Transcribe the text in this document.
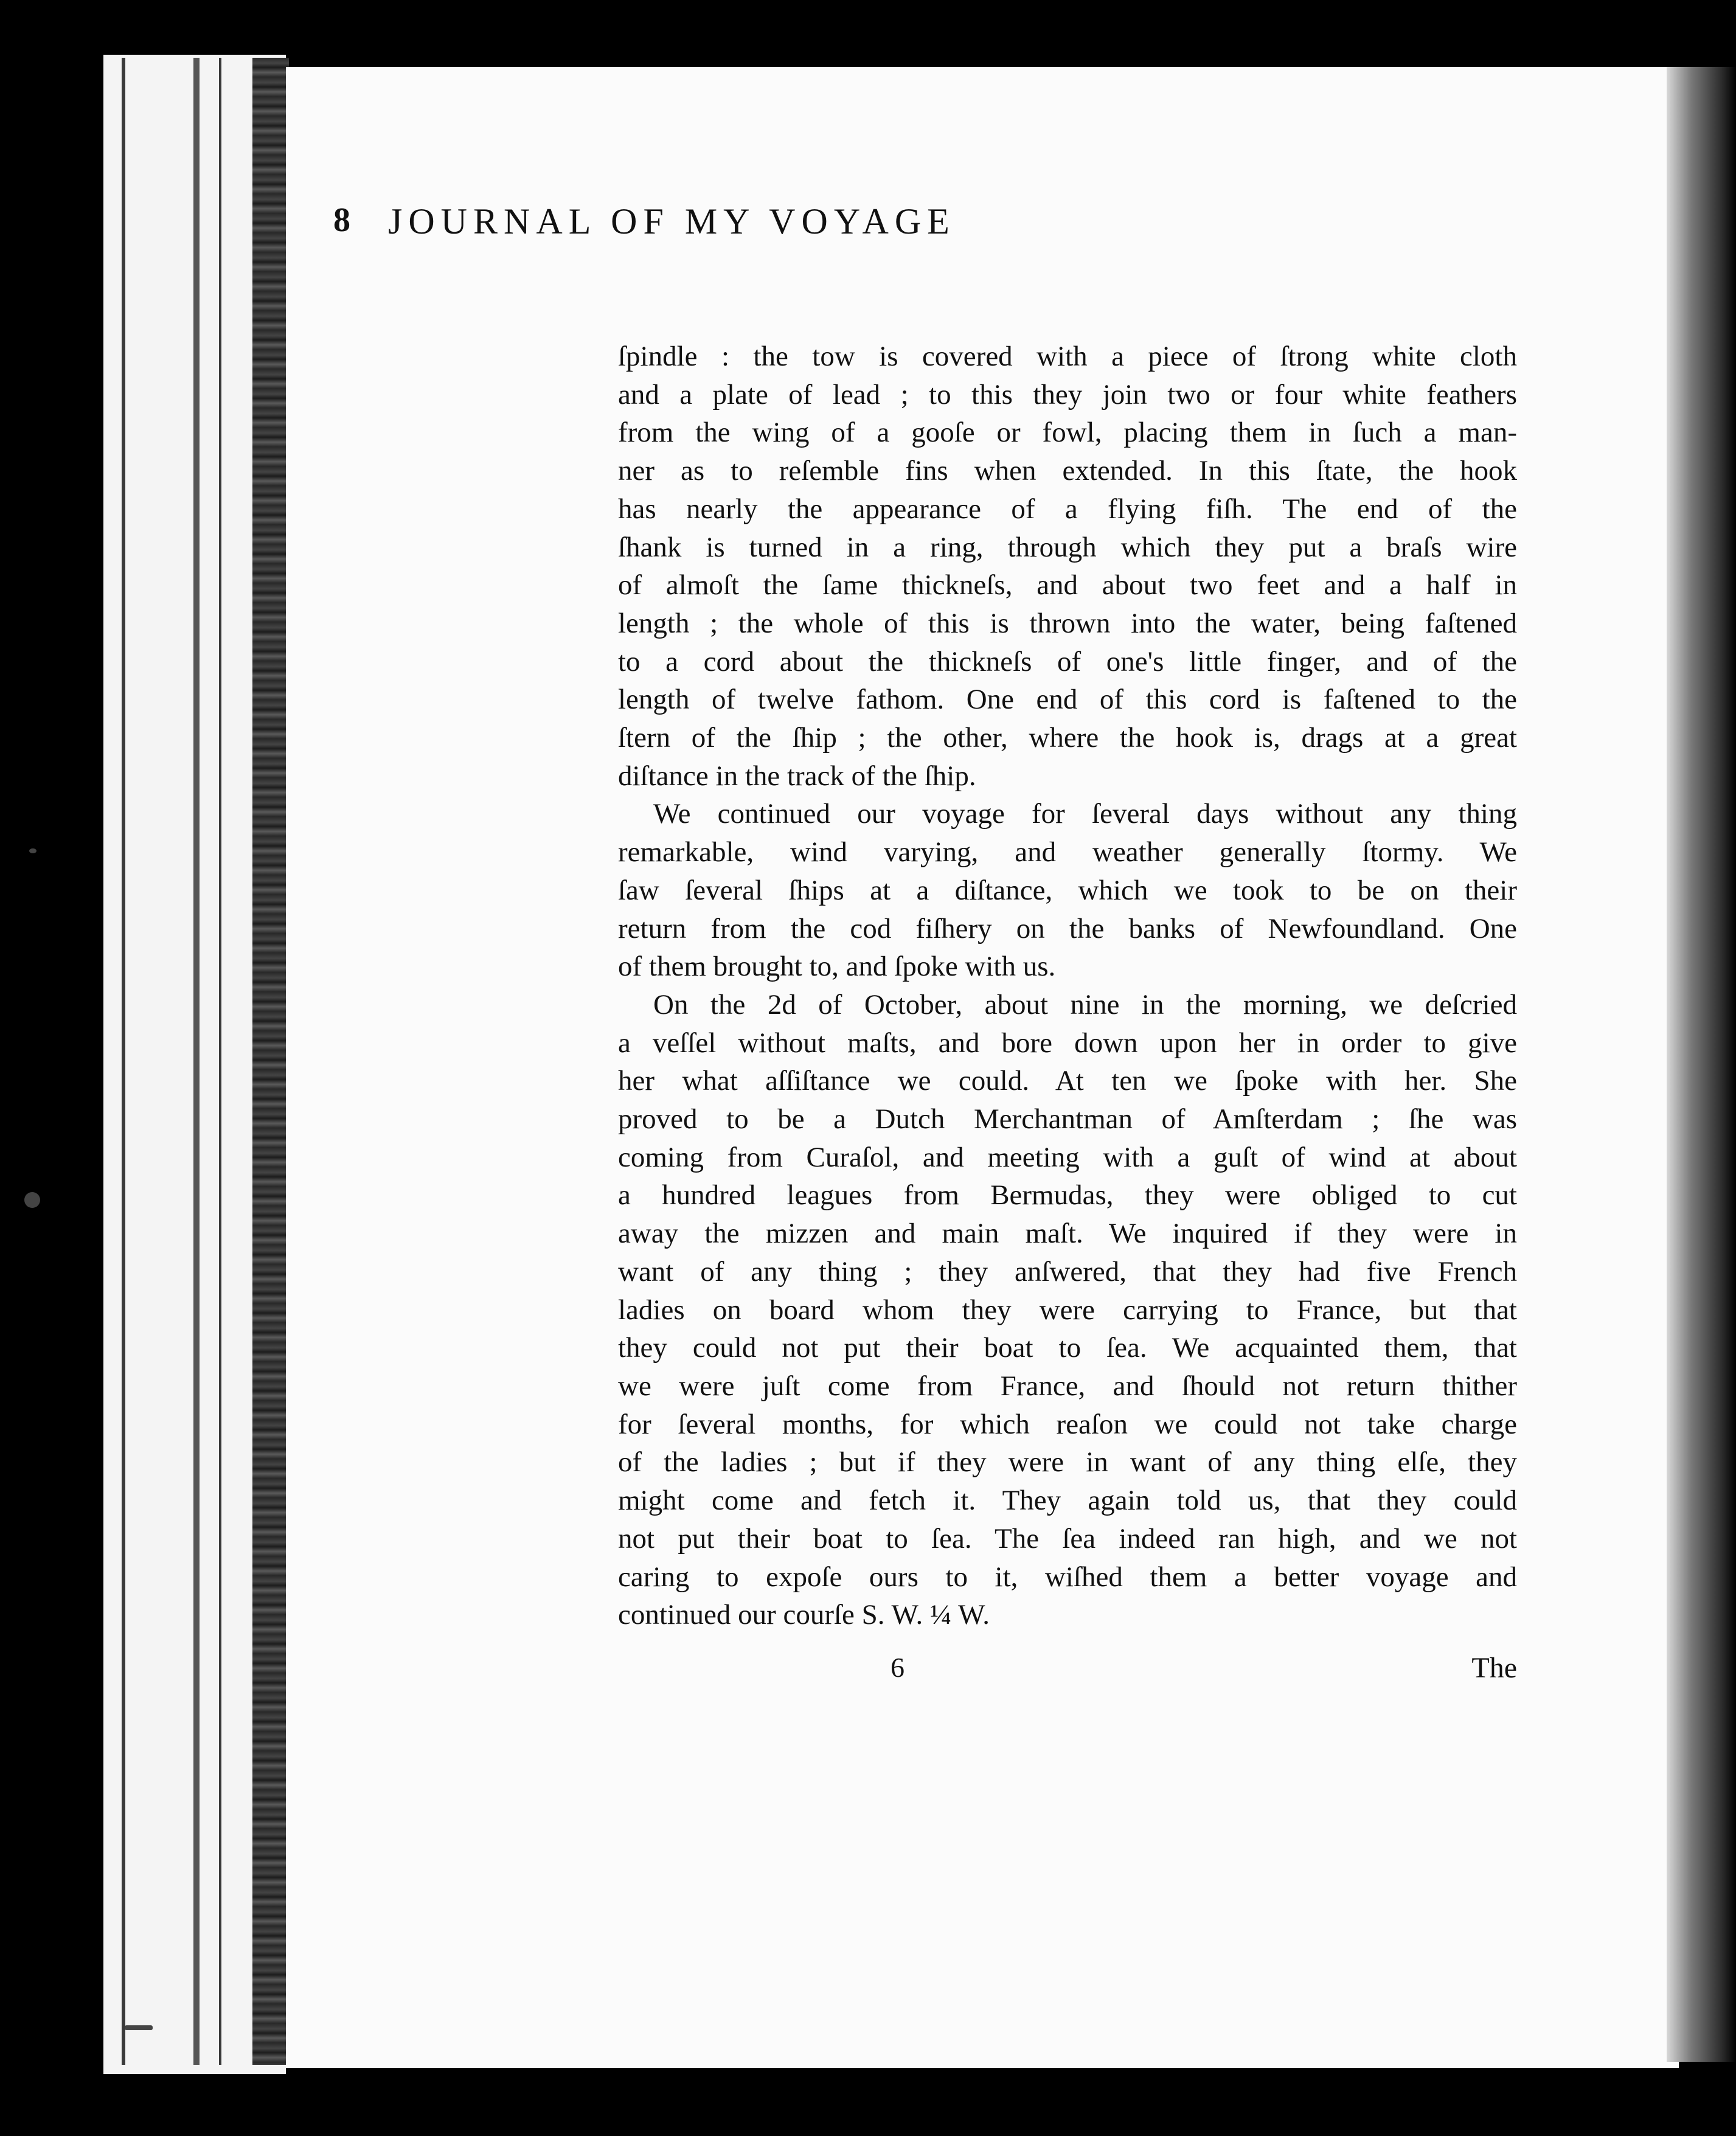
8 JOURNAL OF MY VOYAGE
ſpindle : the tow is covered with a piece of ſtrong white cloth
and a plate of lead ; to this they join two or four white feathers
from the wing of a gooſe or fowl, placing them in ſuch a man-
ner as to reſemble fins when extended. In this ſtate, the hook
has nearly the appearance of a flying fiſh. The end of the
ſhank is turned in a ring, through which they put a braſs wire
of almoſt the ſame thickneſs, and about two feet and a half in
length ; the whole of this is thrown into the water, being faſtened
to a cord about the thickneſs of one's little finger, and of the
length of twelve fathom. One end of this cord is faſtened to the
ſtern of the ſhip ; the other, where the hook is, drags at a great
diſtance in the track of the ſhip.
We continued our voyage for ſeveral days without any thing
remarkable, wind varying, and weather generally ſtormy. We
ſaw ſeveral ſhips at a diſtance, which we took to be on their
return from the cod fiſhery on the banks of Newfoundland. One
of them brought to, and ſpoke with us.
On the 2d of October, about nine in the morning, we deſcried
a veſſel without maſts, and bore down upon her in order to give
her what aſſiſtance we could. At ten we ſpoke with her. She
proved to be a Dutch Merchantman of Amſterdam ; ſhe was
coming from Curaſol, and meeting with a guſt of wind at about
a hundred leagues from Bermudas, they were obliged to cut
away the mizzen and main maſt. We inquired if they were in
want of any thing ; they anſwered, that they had five French
ladies on board whom they were carrying to France, but that
they could not put their boat to ſea. We acquainted them, that
we were juſt come from France, and ſhould not return thither
for ſeveral months, for which reaſon we could not take charge
of the ladies ; but if they were in want of any thing elſe, they
might come and fetch it. They again told us, that they could
not put their boat to ſea. The ſea indeed ran high, and we not
caring to expoſe ours to it, wiſhed them a better voyage and
continued our courſe S. W. ¼ W.
6	The
